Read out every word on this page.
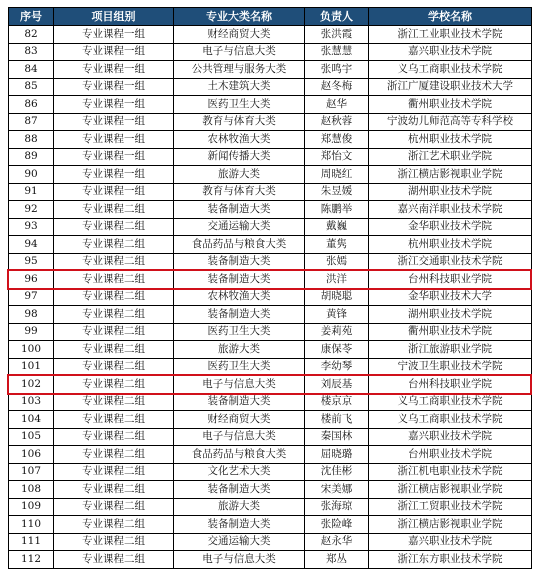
序号	项目组别	专业大类名称	负责人	学校名称
82	专业课程一组	财经商贸大类	张洪霞	浙江工业职业技术学院
83	专业课程一组	电子与信息大类	张慧慧	嘉兴职业技术学院
84	专业课程一组	公共管理与服务大类	张鸣宇	义乌工商职业技术学院
85	专业课程一组	土木建筑大类	赵冬梅	浙江广厦建设职业技术大学
86	专业课程一组	医药卫生大类	赵华	衢州职业技术学院
87	专业课程一组	教育与体育大类	赵秋蓉	宁波幼儿师范高等专科学校
88	专业课程一组	农林牧渔大类	郑慧俊	杭州职业技术学院
89	专业课程一组	新闻传播大类	郑怡文	浙江艺术职业学院
90	专业课程一组	旅游大类	周晓红	浙江横店影视职业学院
91	专业课程一组	教育与体育大类	朱昱媛	湖州职业技术学院
92	专业课程二组	装备制造大类	陈鹏举	嘉兴南洋职业技术学院
93	专业课程二组	交通运输大类	戴巍	金华职业技术学院
94	专业课程二组	食品药品与粮食大类	董隽	杭州职业技术学院
95	专业课程二组	装备制造大类	张嫣	浙江交通职业技术学院
96	专业课程二组	装备制造大类	洪洋	台州科技职业学院
97	专业课程二组	农林牧渔大类	胡晓聪	金华职业技术大学
98	专业课程二组	装备制造大类	黄锋	湖州职业技术学院
99	专业课程二组	医药卫生大类	姜莉苑	衢州职业技术学院
100	专业课程二组	旅游大类	康保苓	浙江旅游职业学院
101	专业课程二组	医药卫生大类	李幼琴	宁波卫生职业技术学院
102	专业课程二组	电子与信息大类	刘辰基	台州科技职业学院
103	专业课程二组	装备制造大类	楼京京	义乌工商职业技术学院
104	专业课程二组	财经商贸大类	楼前飞	义乌工商职业技术学院
105	专业课程二组	电子与信息大类	秦国林	嘉兴职业技术学院
106	专业课程二组	食品药品与粮食大类	屈晓璐	台州职业技术学院
107	专业课程二组	文化艺术大类	沈佳彬	浙江机电职业技术学院
108	专业课程二组	装备制造大类	宋美娜	浙江横店影视职业学院
109	专业课程二组	旅游大类	张海琼	浙江工贸职业技术学院
110	专业课程二组	装备制造大类	张险峰	浙江横店影视职业学院
111	专业课程二组	交通运输大类	赵永华	嘉兴职业技术学院
112	专业课程二组	电子与信息大类	郑丛	浙江东方职业技术学院
